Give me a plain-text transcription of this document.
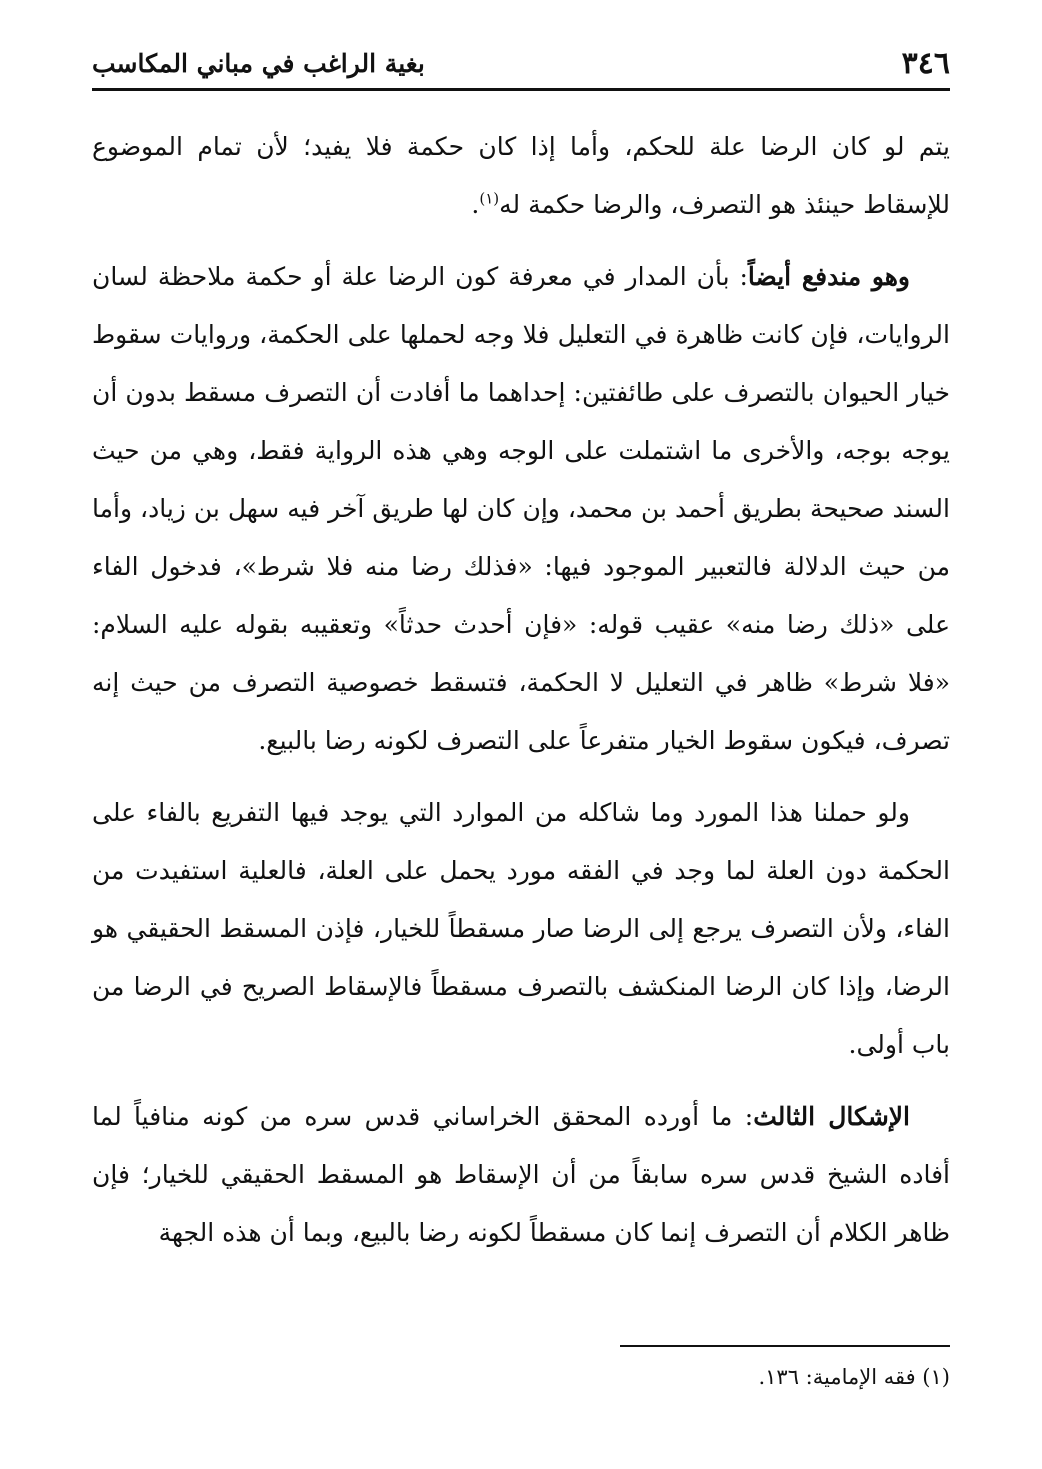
٣٤٦
بغية الراغب في مباني المكاسب

يتم لو كان الرضا علة للحكم، وأما إذا كان حكمة فلا يفيد؛ لأن تمام الموضوع للإسقاط حينئذ هو التصرف، والرضا حكمة له$^{(١)}$.

وهو مندفع أيضاً: بأن المدار في معرفة كون الرضا علة أو حكمة ملاحظة لسان الروايات، فإن كانت ظاهرة في التعليل فلا وجه لحملها على الحكمة، وروايات سقوط خيار الحيوان بالتصرف على طائفتين: إحداهما ما أفادت أن التصرف مسقط بدون أن يوجه بوجه، والأخرى ما اشتملت على الوجه وهي هذه الرواية فقط، وهي من حيث السند صحيحة بطريق أحمد بن محمد، وإن كان لها طريق آخر فيه سهل بن زياد، وأما من حيث الدلالة فالتعبير الموجود فيها: «فذلك رضا منه فلا شرط»، فدخول الفاء على «ذلك رضا منه» عقيب قوله: «فإن أحدث حدثاً» وتعقيبه بقوله عليه السلام: «فلا شرط» ظاهر في التعليل لا الحكمة، فتسقط خصوصية التصرف من حيث إنه تصرف، فيكون سقوط الخيار متفرعاً على التصرف لكونه رضا بالبيع.

ولو حملنا هذا المورد وما شاكله من الموارد التي يوجد فيها التفريع بالفاء على الحكمة دون العلة لما وجد في الفقه مورد يحمل على العلة، فالعلية استفيدت من الفاء، ولأن التصرف يرجع إلى الرضا صار مسقطاً للخيار، فإذن المسقط الحقيقي هو الرضا، وإذا كان الرضا المنكشف بالتصرف مسقطاً فالإسقاط الصريح في الرضا من باب أولى.

الإشكال الثالث: ما أورده المحقق الخراساني قدس سره من كونه منافياً لما أفاده الشيخ قدس سره سابقاً من أن الإسقاط هو المسقط الحقيقي للخيار؛ فإن ظاهر الكلام أن التصرف إنما كان مسقطاً لكونه رضا بالبيع، وبما أن هذه الجهة

(١) فقه الإمامية: ١٣٦.
